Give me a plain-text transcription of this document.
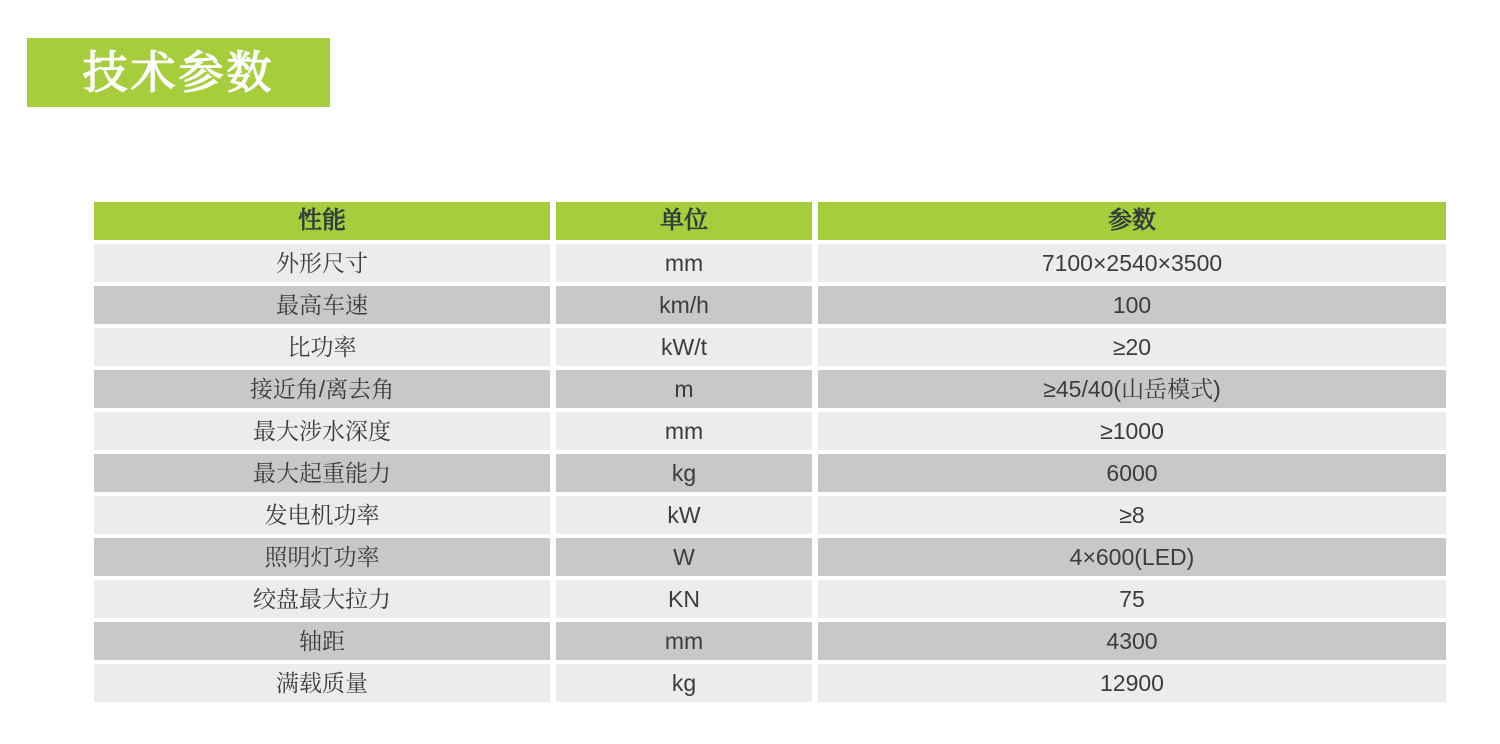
技术参数
性能	单位	参数
外形尺寸	mm	7100×2540×3500
最高车速	km/h	100
比功率	kW/t	≥20
接近角/离去角	m	≥45/40(山岳模式)
最大涉水深度	mm	≥1000
最大起重能力	kg	6000
发电机功率	kW	≥8
照明灯功率	W	4×600(LED)
绞盘最大拉力	KN	75
轴距	mm	4300
满载质量	kg	12900
